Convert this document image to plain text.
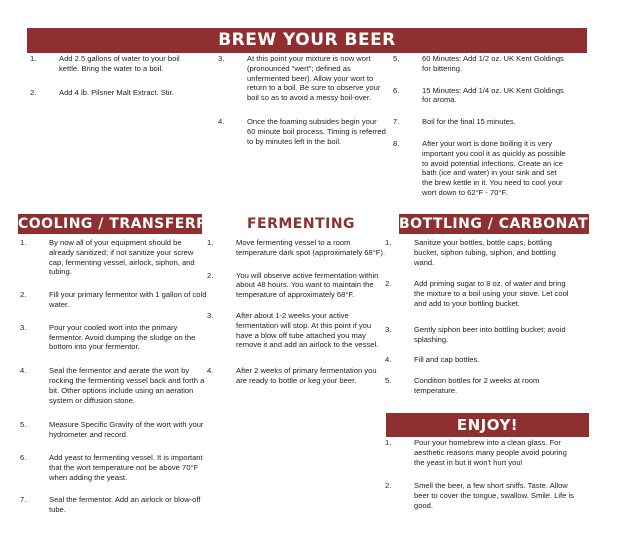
BREW YOUR BEER
1.	Add 2.5 gallons of water to your boil kettle. Bring the water to a boil.
2.	Add 4 lb. Pilsner Malt Extract. Stir.
3.	At this point your mixture is now wort (pronounced "wert"; defined as unfermented beer). Allow your wort to return to a boil. Be sure to observe your boil so as to avoid a messy boil-over.
4.	Once the foaming subsides begin your 60 minute boil process. Timing is referred to by minutes left in the boil.
5.	60 Minutes: Add 1/2 oz. UK Kent Goldings for bittering.
6.	15 Minutes: Add 1/4 oz. UK Kent Goldings for aroma.
7.	Boil for the final 15 minutes.
8.	After your wort is done boiling it is very important you cool it as quickly as possible to avoid potential infections. Create an ice bath (ice and water) in your sink and set the brew kettle in it. You need to cool your wort down to 62°F - 70°F.
COOLING / TRANSFERRING FERMENTING	BOTTLING / CARBONATING
1.	By now all of your equipment should be already sanitized; if not sanitize your screw cap, fermenting vessel, airlock, siphon, and tubing.
2.	Fill your primary fermentor with 1 gallon of cold water.
3.	Pour your cooled wort into the primary fermentor. Avoid dumping the sludge on the bottom into your fermentor.
4.	Seal the fermentor and aerate the wort by rocking the fermenting vessel back and forth a bit. Other options include using an aeration system or diffusion stone.
5.	Measure Specific Gravity of the wort with your hydrometer and record.
6.	Add yeast to fermenting vessel. It is important that the wort temperature not be above 70°F when adding the yeast.
7.	Seal the fermentor. Add an airlock or blow-off tube.
1.	Move fermenting vessel to a room temperature dark spot (approximately 68°F).
2.	You will observe active fermentation within about 48 hours. You want to maintain the temperature of approximately 68°F.
3.	After about 1-2 weeks your active fermentation will stop. At this point if you have a blow off tube attached you may remove it and add an airlock to the vessel.
4.	After 2 weeks of primary fermentation you are ready to bottle or keg your beer.
1.	Sanitize your bottles, bottle caps, bottling bucket, siphon tubing, siphon, and bottling wand.
2.	Add priming sugar to 8 oz. of water and bring the mixture to a boil using your stove. Let cool and add to your bottling bucket.
3.	Gently siphon beer into bottling bucket; avoid splashing.
4.	Fill and cap bottles.
5.	Condition bottles for 2 weeks at room temperature.
ENJOY!
1.	Pour your homebrew into a clean glass. For aesthetic reasons many people avoid pouring the yeast in but it won't hurt you!
2.	Smell the beer, a few short sniffs. Taste. Allow beer to cover the tongue, swallow. Smile. Life is good.
